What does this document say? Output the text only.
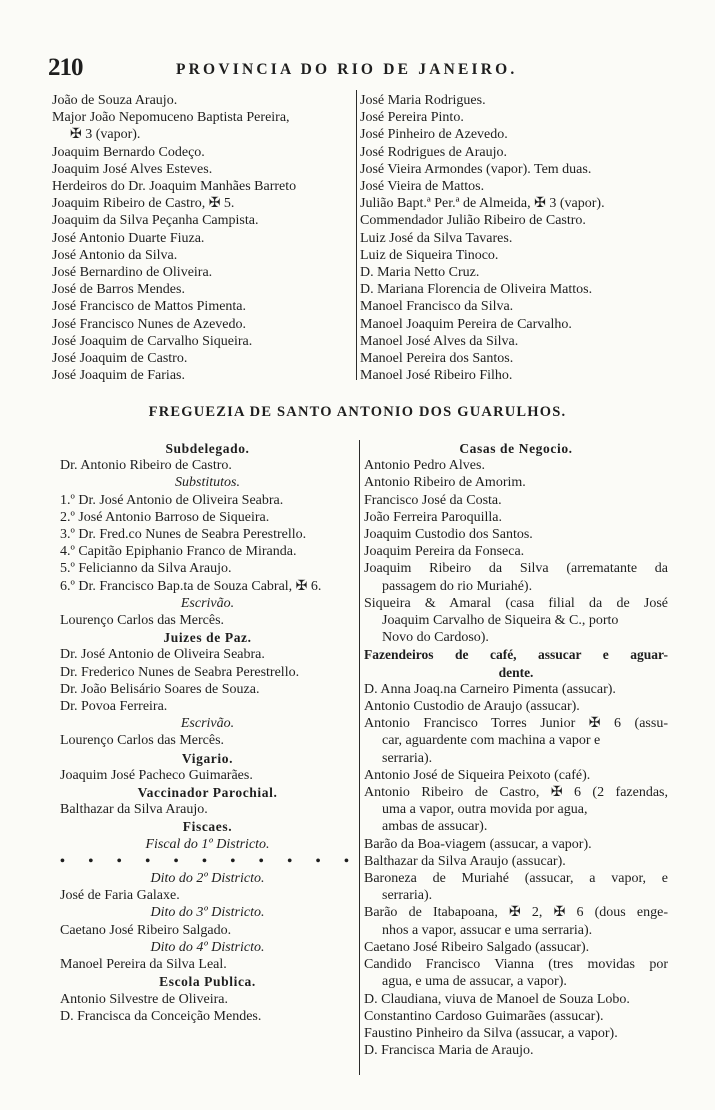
210	PROVINCIA DO RIO DE JANEIRO.
João de Souza Araujo.
Major João Nepomuceno Baptista Pereira,
✠ 3 (vapor).
Joaquim Bernardo Codeço.
Joaquim José Alves Esteves.
Herdeiros do Dr. Joaquim Manhães Barreto
Joaquim Ribeiro de Castro, ✠ 5.
Joaquim da Silva Peçanha Campista.
José Antonio Duarte Fiuza.
José Antonio da Silva.
José Bernardino de Oliveira.
José de Barros Mendes.
José Francisco de Mattos Pimenta.
José Francisco Nunes de Azevedo.
José Joaquim de Carvalho Siqueira.
José Joaquim de Castro.
José Joaquim de Farias.
José Maria Rodrigues.
José Pereira Pinto.
José Pinheiro de Azevedo.
José Rodrigues de Araujo.
José Vieira Armondes (vapor). Tem duas.
José Vieira de Mattos.
Julião Bapt.ª Per.ª de Almeida, ✠ 3 (vapor).
Commendador Julião Ribeiro de Castro.
Luiz José da Silva Tavares.
Luiz de Siqueira Tinoco.
D. Maria Netto Cruz.
D. Mariana Florencia de Oliveira Mattos.
Manoel Francisco da Silva.
Manoel Joaquim Pereira de Carvalho.
Manoel José Alves da Silva.
Manoel Pereira dos Santos.
Manoel José Ribeiro Filho.
FREGUEZIA DE SANTO ANTONIO DOS GUARULHOS.
Subdelegado.
Dr. Antonio Ribeiro de Castro.
Substitutos.
1.º Dr. José Antonio de Oliveira Seabra.
2.º José Antonio Barroso de Siqueira.
3.º Dr. Fred.co Nunes de Seabra Perestrello.
4.º Capitão Epiphanio Franco de Miranda.
5.º Felicianno da Silva Araujo.
6.º Dr. Francisco Bap.ta de Souza Cabral, ✠ 6.
Escrivão.
Lourenço Carlos das Mercês.
Juizes de Paz.
Dr. José Antonio de Oliveira Seabra.
Dr. Frederico Nunes de Seabra Perestrello.
Dr. João Belisário Soares de Souza.
Dr. Povoa Ferreira.
Escrivão.
Lourenço Carlos das Mercês.
Vigario.
Joaquim José Pacheco Guimarães.
Vaccinador Parochial.
Balthazar da Silva Araujo.
Fiscaes.
Fiscal do 1º Districto.
• • • • • • • • • • •
Dito do 2º Districto.
José de Faria Galaxe.
Dito do 3º Districto.
Caetano José Ribeiro Salgado.
Dito do 4º Districto.
Manoel Pereira da Silva Leal.
Escola Publica.
Antonio Silvestre de Oliveira.
D. Francisca da Conceição Mendes.
Casas de Negocio.
Antonio Pedro Alves.
Antonio Ribeiro de Amorim.
Francisco José da Costa.
João Ferreira Paroquilla.
Joaquim Custodio dos Santos.
Joaquim Pereira da Fonseca.
Joaquim Ribeiro da Silva (arrematante da
passagem do rio Muriahé).
Siqueira & Amaral (casa filial da de José
Joaquim Carvalho de Siqueira & C., porto
Novo do Cardoso).
Fazendeiros de café, assucar e aguar-
dente.
D. Anna Joaq.na Carneiro Pimenta (assucar).
Antonio Custodio de Araujo (assucar).
Antonio Francisco Torres Junior ✠ 6 (assu-
car, aguardente com machina a vapor e
serraria).
Antonio José de Siqueira Peixoto (café).
Antonio Ribeiro de Castro, ✠ 6 (2 fazendas,
uma a vapor, outra movida por agua,
ambas de assucar).
Barão da Boa-viagem (assucar, a vapor).
Balthazar da Silva Araujo (assucar).
Baroneza de Muriahé (assucar, a vapor, e
serraria).
Barão de Itabapoana, ✠ 2, ✠ 6 (dous enge-
nhos a vapor, assucar e uma serraria).
Caetano José Ribeiro Salgado (assucar).
Candido Francisco Vianna (tres movidas por
agua, e uma de assucar, a vapor).
D. Claudiana, viuva de Manoel de Souza Lobo.
Constantino Cardoso Guimarães (assucar).
Faustino Pinheiro da Silva (assucar, a vapor).
D. Francisca Maria de Araujo.
